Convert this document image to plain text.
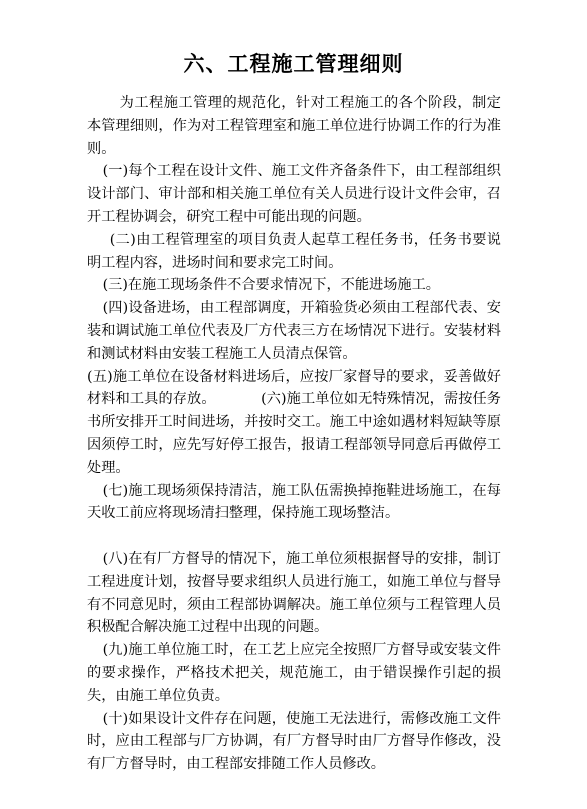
六、工程施工管理细则

为工程施工管理的规范化，针对工程施工的各个阶段，制定本管理细则，作为对工程管理室和施工单位进行协调工作的行为准则。

(一)每个工程在设计文件、施工文件齐备条件下，由工程部组织设计部门、审计部和相关施工单位有关人员进行设计文件会审，召开工程协调会，研究工程中可能出现的问题。

(二)由工程管理室的项目负责人起草工程任务书，任务书要说明工程内容，进场时间和要求完工时间。

(三)在施工现场条件不合要求情况下，不能进场施工。

(四)设备进场，由工程部调度，开箱验货必须由工程部代表、安装和调试施工单位代表及厂方代表三方在场情况下进行。安装材料和测试材料由安装工程施工人员清点保管。

(五)施工单位在设备材料进场后，应按厂家督导的要求，妥善做好材料和工具的存放。	(六)施工单位如无特殊情况，需按任务书所安排开工时间进场，并按时交工。施工中途如遇材料短缺等原因须停工时，应先写好停工报告，报请工程部领导同意后再做停工处理。

(七)施工现场须保持清洁，施工队伍需换掉拖鞋进场施工，在每天收工前应将现场清扫整理，保持施工现场整洁。

(八)在有厂方督导的情况下，施工单位须根据督导的安排，制订工程进度计划，按督导要求组织人员进行施工，如施工单位与督导有不同意见时，须由工程部协调解决。施工单位须与工程管理人员积极配合解决施工过程中出现的问题。

(九)施工单位施工时，在工艺上应完全按照厂方督导或安装文件的要求操作，严格技术把关，规范施工，由于错误操作引起的损失，由施工单位负责。

(十)如果设计文件存在问题，使施工无法进行，需修改施工文件时，应由工程部与厂方协调，有厂方督导时由厂方督导作修改，没有厂方督导时，由工程部安排随工作人员修改。
